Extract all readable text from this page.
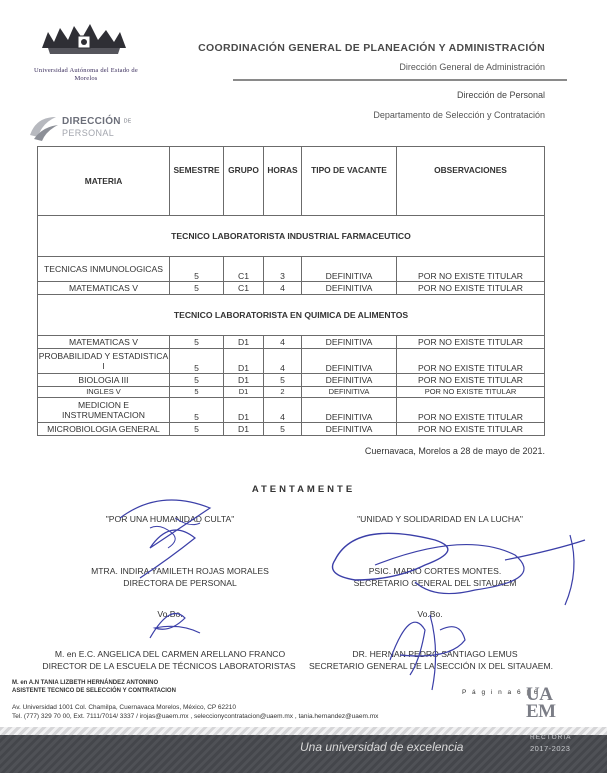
Universidad Autónoma del Estado de Morelos
COORDINACIÓN GENERAL DE PLANEACIÓN Y ADMINISTRACIÓN
Dirección General de Administración
Dirección de Personal
Departamento de Selección y Contratación
DIRECCIÓN DE
PERSONAL
MATERIA	SEMESTRE	GRUPO	HORAS	TIPO DE VACANTE	OBSERVACIONES
TECNICO LABORATORISTA INDUSTRIAL FARMACEUTICO					
TECNICAS INMUNOLOGICAS	5	C1	3	DEFINITIVA	POR NO EXISTE TITULAR
MATEMATICAS V	5	C1	4	DEFINITIVA	POR NO EXISTE TITULAR
TECNICO LABORATORISTA EN QUIMICA DE ALIMENTOS					
MATEMATICAS V	5	D1	4	DEFINITIVA	POR NO EXISTE TITULAR
PROBABILIDAD Y ESTADISTICA I	5	D1	4	DEFINITIVA	POR NO EXISTE TITULAR
BIOLOGIA III	5	D1	5	DEFINITIVA	POR NO EXISTE TITULAR
INGLES V	5	D1	2	DEFINITIVA	POR NO EXISTE TITULAR
MEDICION E INSTRUMENTACION	5	D1	4	DEFINITIVA	POR NO EXISTE TITULAR
MICROBIOLOGIA GENERAL	5	D1	5	DEFINITIVA	POR NO EXISTE TITULAR
Cuernavaca, Morelos a 28 de mayo de 2021.
ATENTAMENTE
"POR UNA HUMANIDAD CULTA"	"UNIDAD Y SOLIDARIDAD EN LA LUCHA"
MTRA. INDIRA YAMILETH ROJAS MORALES
DIRECTORA DE PERSONAL
PSIC. MARIO CORTES MONTES.
SECRETARIO GENERAL DEL SITAUAEM
Vo.Bo.	Vo.Bo.
M. en E.C. ANGELICA DEL CARMEN ARELLANO FRANCO
DIRECTOR DE LA ESCUELA DE TÉCNICOS LABORATORISTAS
DR. HERNAN PEDRO SANTIAGO LEMUS
SECRETARIO GENERAL DE LA SECCIÓN IX DEL SITAUAEM.
M. en A.N TANIA LIZBETH HERNÁNDEZ ANTONINO
ASISTENTE TECNICO DE SELECCIÓN Y CONTRATACION	P á g i n a 6 | 6
Av. Universidad 1001 Col. Chamilpa, Cuernavaca Morelos, México, CP 62210
Tel. (777) 329 70 00, Ext. 7111/7014/ 3337 / irojas@uaem.mx , seleccionycontratacion@uaem.mx , tania.hernandez@uaem.mx
UA
EM
Una universidad de excelencia
RECTORÍA
2017-2023
